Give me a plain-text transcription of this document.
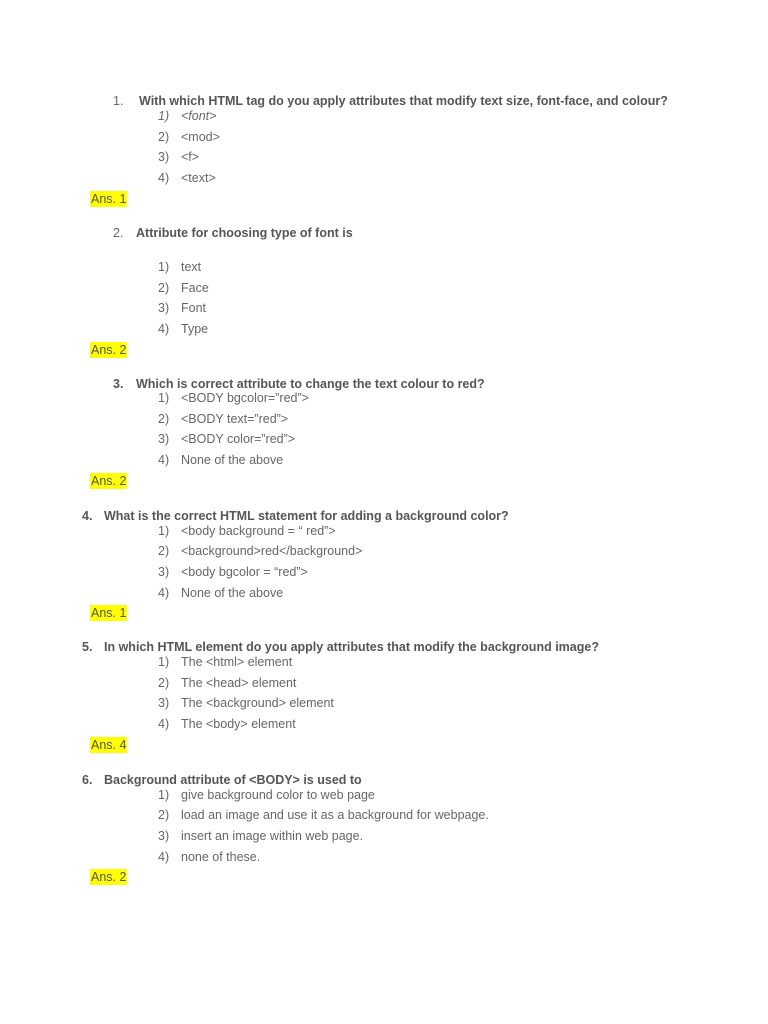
1. With which HTML tag do you apply attributes that modify text size, font-face, and colour?
1) <font>
2) <mod>
3) <f>
4) <text>
Ans. 1
2. Attribute for choosing type of font is
1) text
2) Face
3) Font
4) Type
Ans. 2
3. Which is correct attribute to change the text colour to red?
1) <BODY bgcolor=”red”>
2) <BODY text=”red”>
3) <BODY color=”red”>
4) None of the above
Ans. 2
4. What is the correct HTML statement for adding a background color?
1) <body background = “ red”>
2) <background>red</background>
3) <body bgcolor = “red”>
4) None of the above
Ans. 1
5. In which HTML element do you apply attributes that modify the background image?
1) The <html> element
2) The <head> element
3) The <background> element
4) The <body> element
Ans. 4
6. Background attribute of <BODY> is used to
1) give background color to web page
2) load an image and use it as a background for webpage.
3) insert an image within web page.
4) none of these.
Ans. 2
